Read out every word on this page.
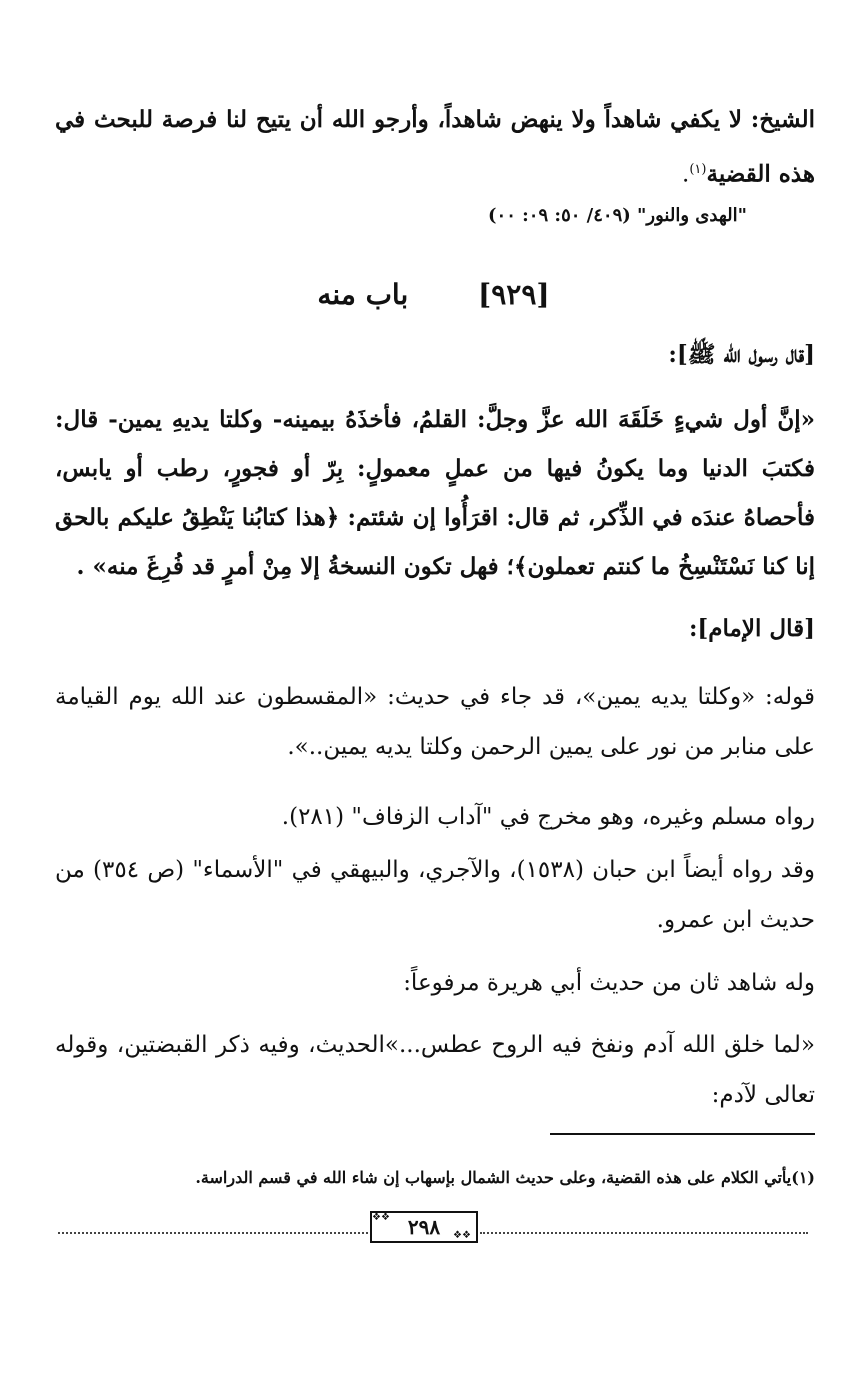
الشيخ: لا يكفي شاهداً ولا ينهض شاهداً، وأرجو الله أن يتيح لنا فرصة للبحث في هذه القضية$^{(١)}$.
"الهدى والنور" (٤٠٩/ ٥٠: ٠٩: ٠٠)
[٩٢٩] باب منه
[قال رسول الله ﷺ]:
«إنَّ أول شيءٍ خَلَقَهَ الله عزَّ وجلَّ: القلمُ، فأخذَهُ بيمينه- وكلتا يديهِ يمين- قال: فكتبَ الدنيا وما يكونُ فيها من عملٍ معمولٍ: بِرّ أو فجورٍ، رطب أو يابس، فأحصاهُ عندَه في الذِّكر، ثم قال: اقرَأُوا إن شئتم: ﴿هذا كتابُنا يَنْطِقُ عليكم بالحق إنا كنا نَسْتَنْسِخُ ما كنتم تعملون﴾؛ فهل تكون النسخةُ إلا مِنْ أمرٍ قد فُرِغَ منه» .
[قال الإمام]:
قوله: «وكلتا يديه يمين»، قد جاء في حديث: «المقسطون عند الله يوم القيامة على منابر من نور على يمين الرحمن وكلتا يديه يمين..».
رواه مسلم وغيره، وهو مخرج في "آداب الزفاف" (٢٨١).
وقد رواه أيضاً ابن حبان (١٥٣٨)، والآجري، والبيهقي في "الأسماء" (ص ٣٥٤) من حديث ابن عمرو.
وله شاهد ثان من حديث أبي هريرة مرفوعاً:
«لما خلق الله آدم ونفخ فيه الروح عطس...»الحديث، وفيه ذكر القبضتين، وقوله تعالى لآدم:
(١)يأتي الكلام على هذه القضية، وعلى حديث الشمال بإسهاب إن شاء الله في قسم الدراسة.
٢٩٨
❖❖
❖❖
